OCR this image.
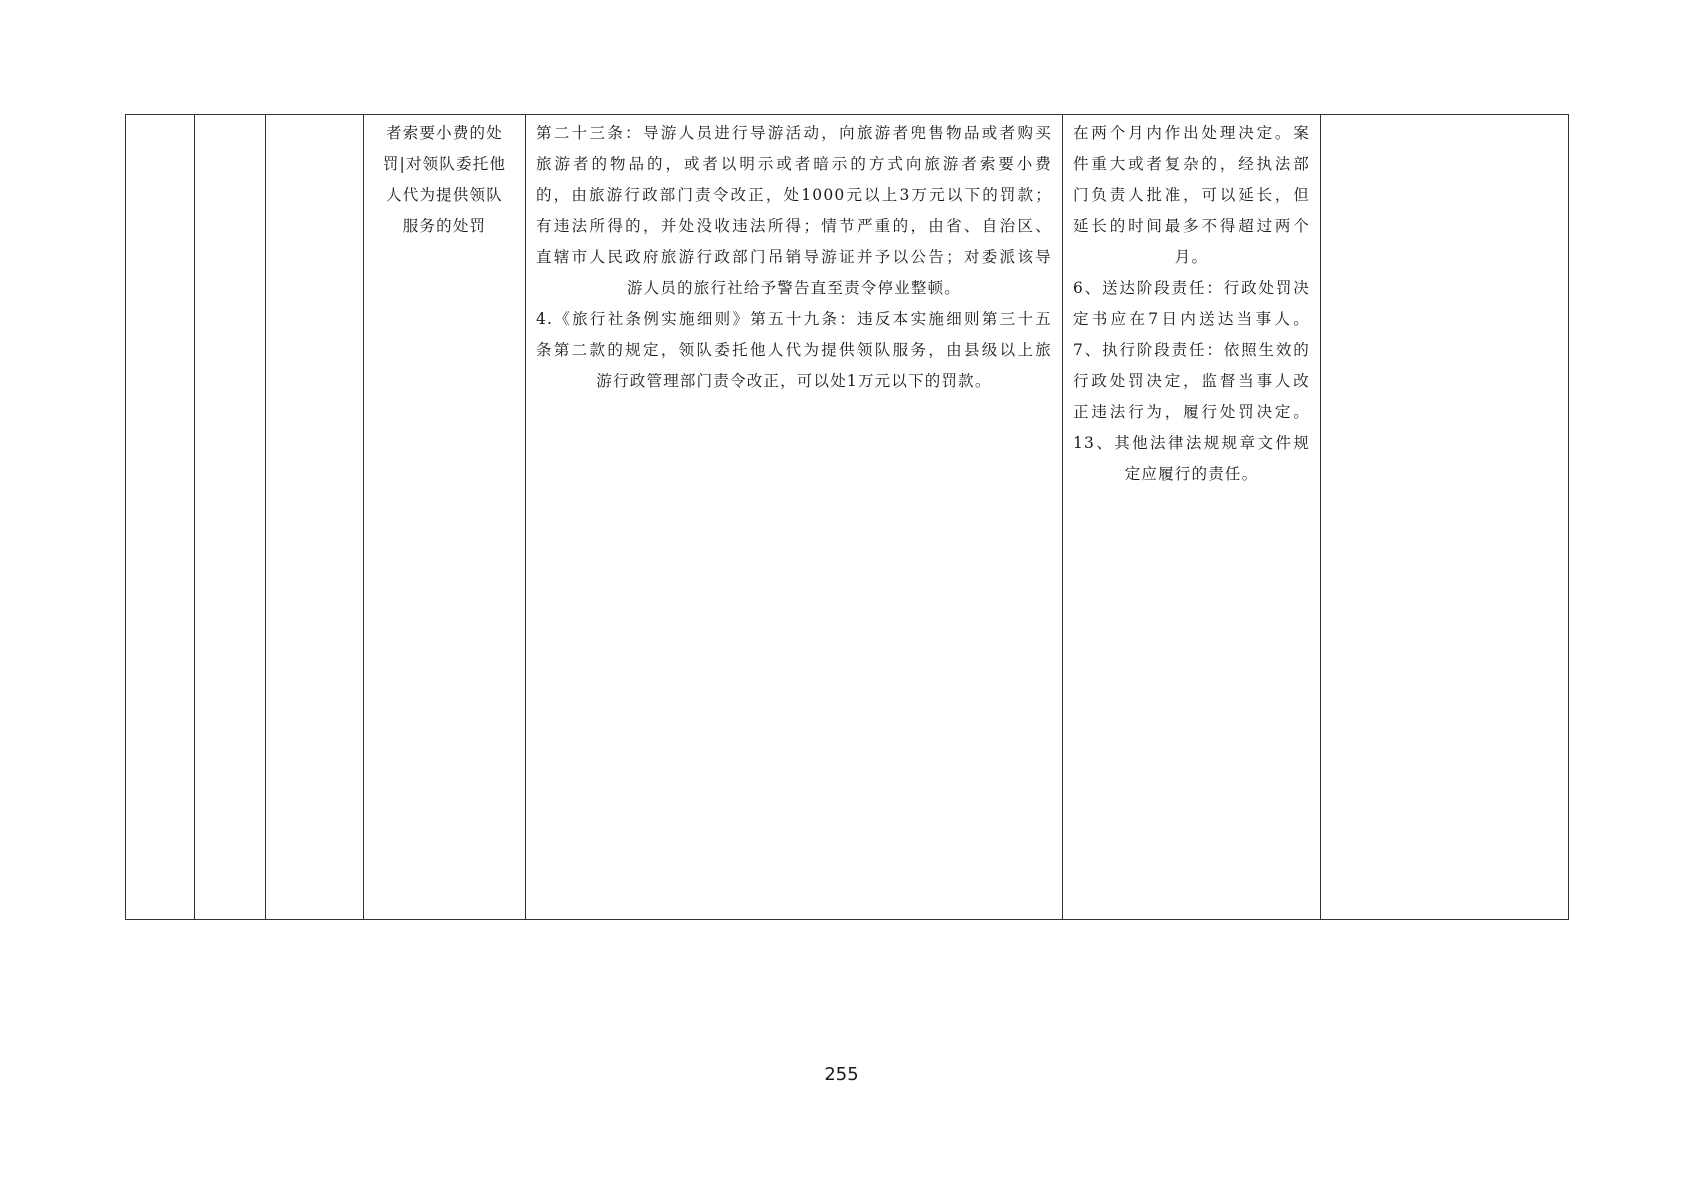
者索要小费的处
罚|对领队委托他
人代为提供领队
服务的处罚

第二十三条：导游人员进行导游活动，向旅游者兜售物品或者购买
旅游者的物品的，或者以明示或者暗示的方式向旅游者索要小费
的，由旅游行政部门责令改正，处1000元以上3万元以下的罚款；
有违法所得的，并处没收违法所得；情节严重的，由省、自治区、
直辖市人民政府旅游行政部门吊销导游证并予以公告；对委派该导
游人员的旅行社给予警告直至责令停业整顿。
4.《旅行社条例实施细则》第五十九条：违反本实施细则第三十五
条第二款的规定，领队委托他人代为提供领队服务，由县级以上旅
游行政管理部门责令改正，可以处1万元以下的罚款。

在两个月内作出处理决定。案
件重大或者复杂的，经执法部
门负责人批准，可以延长，但
延长的时间最多不得超过两个
月。
6、送达阶段责任：行政处罚决
定书应在7日内送达当事人。
7、执行阶段责任：依照生效的
行政处罚决定，监督当事人改
正违法行为，履行处罚决定。
13、其他法律法规规章文件规
定应履行的责任。

255
